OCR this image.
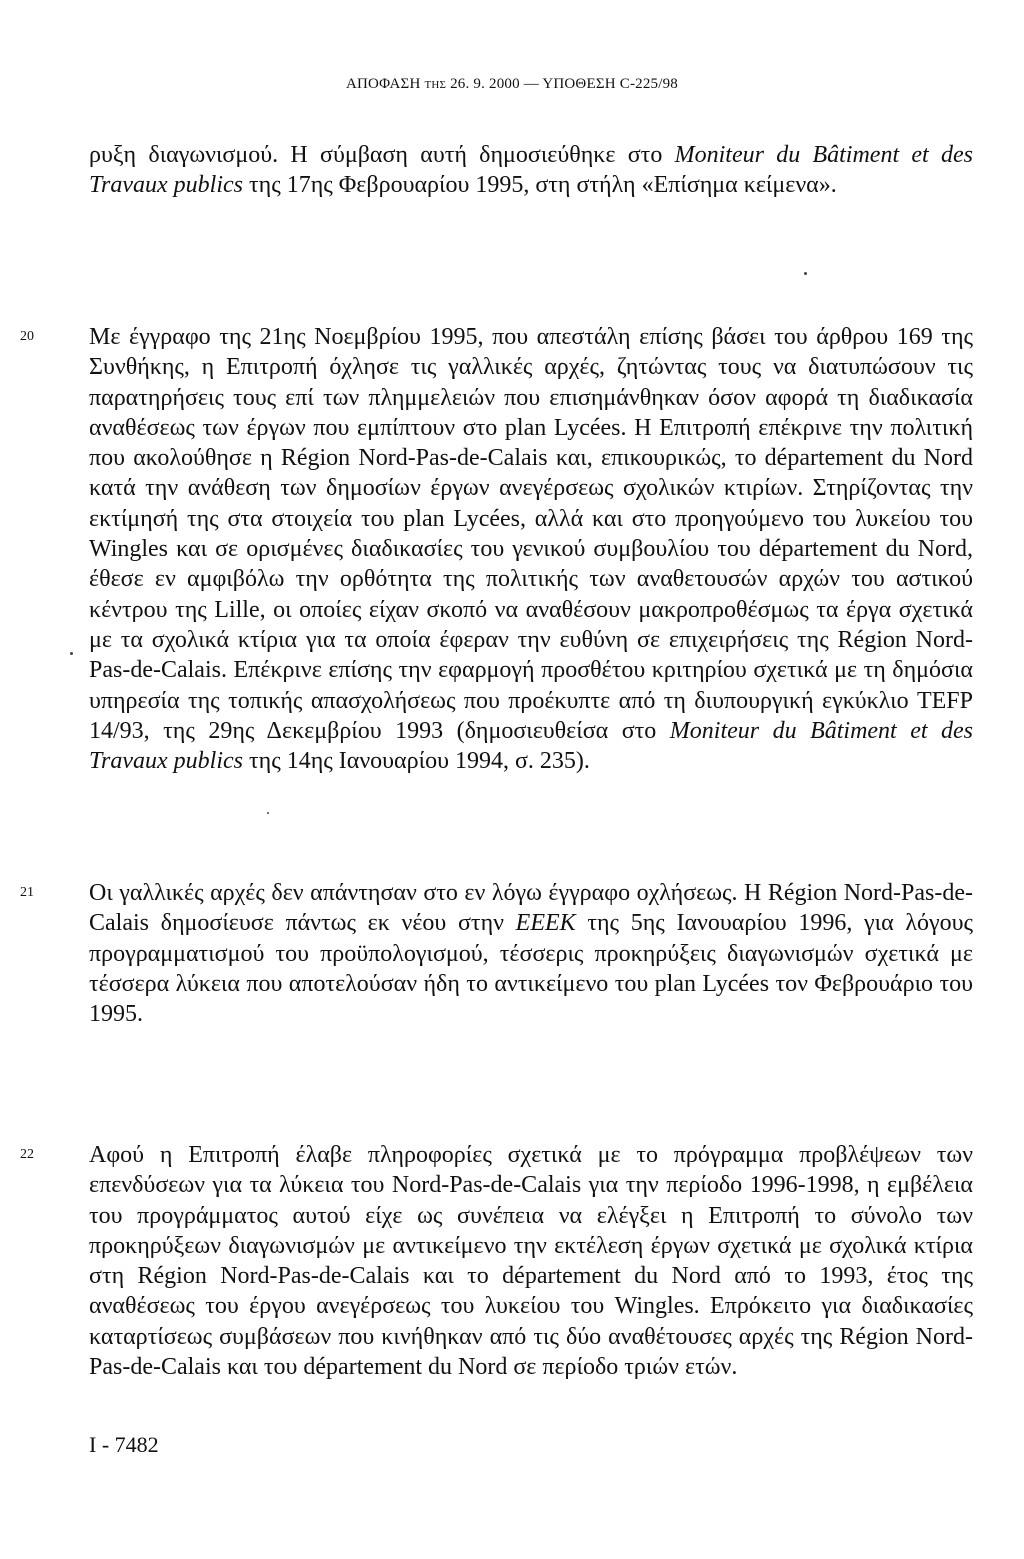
ΑΠΟΦΑΣΗ της 26. 9. 2000 — ΥΠΟΘΕΣΗ C-225/98
ρυξη διαγωνισμού. Η σύμβαση αυτή δημοσιεύθηκε στο Moniteur du Bâtiment et des Travaux publics της 17ης Φεβρουαρίου 1995, στη στήλη «Επίσημα κείμενα».
20	Με έγγραφο της 21ης Νοεμβρίου 1995, που απεστάλη επίσης βάσει του άρθρου 169 της Συνθήκης, η Επιτροπή όχλησε τις γαλλικές αρχές, ζητώντας τους να διατυπώσουν τις παρατηρήσεις τους επί των πλημμελειών που επισημάνθηκαν όσον αφορά τη διαδικασία αναθέσεως των έργων που εμπίπτουν στο plan Lycées. Η Επιτροπή επέκρινε την πολιτική που ακολούθησε η Région Nord-Pas-de-Calais και, επικουρικώς, το département du Nord κατά την ανάθεση των δημοσίων έργων ανεγέρσεως σχολικών κτιρίων. Στηρίζοντας την εκτίμησή της στα στοιχεία του plan Lycées, αλλά και στο προηγούμενο του λυκείου του Wingles και σε ορισμένες διαδικασίες του γενικού συμβουλίου του département du Nord, έθεσε εν αμφιβόλω την ορθότητα της πολιτικής των αναθετουσών αρχών του αστικού κέντρου της Lille, οι οποίες είχαν σκοπό να αναθέσουν μακροπροθέσμως τα έργα σχετικά με τα σχολικά κτίρια για τα οποία έφεραν την ευθύνη σε επιχειρήσεις της Région Nord-Pas-de-Calais. Επέκρινε επίσης την εφαρμογή προσθέτου κριτηρίου σχετικά με τη δημόσια υπηρεσία της τοπικής απασχολήσεως που προέκυπτε από τη διυπουργική εγκύκλιο TEFP 14/93, της 29ης Δεκεμβρίου 1993 (δημοσιευθείσα στο Moniteur du Bâtiment et des Travaux publics της 14ης Ιανουαρίου 1994, σ. 235).
21	Οι γαλλικές αρχές δεν απάντησαν στο εν λόγω έγγραφο οχλήσεως. Η Région Nord-Pas-de-Calais δημοσίευσε πάντως εκ νέου στην ΕΕΕΚ της 5ης Ιανουαρίου 1996, για λόγους προγραμματισμού του προϋπολογισμού, τέσσερις προκηρύξεις διαγωνισμών σχετικά με τέσσερα λύκεια που αποτελούσαν ήδη το αντικείμενο του plan Lycées τον Φεβρουάριο του 1995.
22	Αφού η Επιτροπή έλαβε πληροφορίες σχετικά με το πρόγραμμα προβλέψεων των επενδύσεων για τα λύκεια του Nord-Pas-de-Calais για την περίοδο 1996-1998, η εμβέλεια του προγράμματος αυτού είχε ως συνέπεια να ελέγξει η Επιτροπή το σύνολο των προκηρύξεων διαγωνισμών με αντικείμενο την εκτέλεση έργων σχετικά με σχολικά κτίρια στη Région Nord-Pas-de-Calais και το département du Nord από το 1993, έτος της αναθέσεως του έργου ανεγέρσεως του λυκείου του Wingles. Επρόκειτο για διαδικασίες καταρτίσεως συμβάσεων που κινήθηκαν από τις δύο αναθέτουσες αρχές της Région Nord-Pas-de-Calais και του département du Nord σε περίοδο τριών ετών.
I - 7482
